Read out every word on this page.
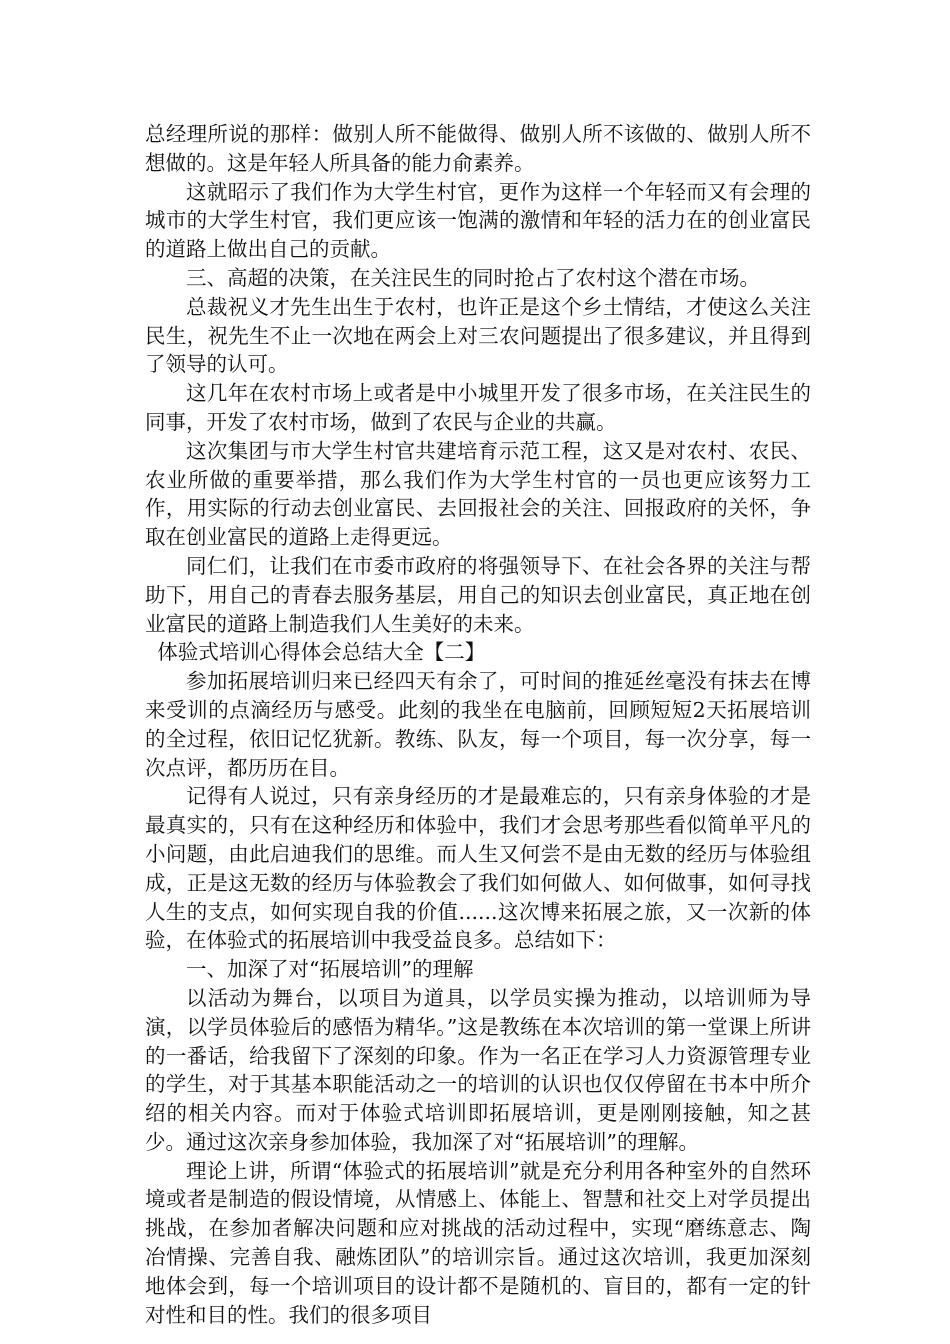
总经理所说的那样：做别人所不能做得、做别人所不该做的、做别人所不想做的。这是年轻人所具备的能力俞素养。

这就昭示了我们作为大学生村官，更作为这样一个年轻而又有会理的城市的大学生村官，我们更应该一饱满的激情和年轻的活力在的创业富民的道路上做出自己的贡献。

三、高超的决策，在关注民生的同时抢占了农村这个潜在市场。

总裁祝义才先生出生于农村，也许正是这个乡土情结，才使这么关注民生，祝先生不止一次地在两会上对三农问题提出了很多建议，并且得到了领导的认可。

这几年在农村市场上或者是中小城里开发了很多市场，在关注民生的同事，开发了农村市场，做到了农民与企业的共赢。

这次集团与市大学生村官共建培育示范工程，这又是对农村、农民、农业所做的重要举措，那么我们作为大学生村官的一员也更应该努力工作，用实际的行动去创业富民、去回报社会的关注、回报政府的关怀，争取在创业富民的道路上走得更远。

同仁们，让我们在市委市政府的将强领导下、在社会各界的关注与帮助下，用自己的青春去服务基层，用自己的知识去创业富民，真正地在创业富民的道路上制造我们人生美好的未来。

体验式培训心得体会总结大全【二】

参加拓展培训归来已经四天有余了，可时间的推延丝毫没有抹去在博来受训的点滴经历与感受。此刻的我坐在电脑前，回顾短短2天拓展培训的全过程，依旧记忆犹新。教练、队友，每一个项目，每一次分享，每一次点评，都历历在目。

记得有人说过，只有亲身经历的才是最难忘的，只有亲身体验的才是最真实的，只有在这种经历和体验中，我们才会思考那些看似简单平凡的小问题，由此启迪我们的思维。而人生又何尝不是由无数的经历与体验组成，正是这无数的经历与体验教会了我们如何做人、如何做事，如何寻找人生的支点，如何实现自我的价值......这次博来拓展之旅，又一次新的体验，在体验式的拓展培训中我受益良多。总结如下：

一、加深了对“拓展培训”的理解

以活动为舞台，以项目为道具，以学员实操为推动，以培训师为导演，以学员体验后的感悟为精华。”这是教练在本次培训的第一堂课上所讲的一番话，给我留下了深刻的印象。作为一名正在学习人力资源管理专业的学生，对于其基本职能活动之一的培训的认识也仅仅停留在书本中所介绍的相关内容。而对于体验式培训即拓展培训，更是刚刚接触，知之甚少。通过这次亲身参加体验，我加深了对“拓展培训”的理解。

理论上讲，所谓“体验式的拓展培训”就是充分利用各种室外的自然环境或者是制造的假设情境，从情感上、体能上、智慧和社交上对学员提出挑战，在参加者解决问题和应对挑战的活动过程中，实现“磨练意志、陶冶情操、完善自我、融炼团队”的培训宗旨。通过这次培训，我更加深刻地体会到，每一个培训项目的设计都不是随机的、盲目的，都有一定的针对性和目的性。我们的很多项目
